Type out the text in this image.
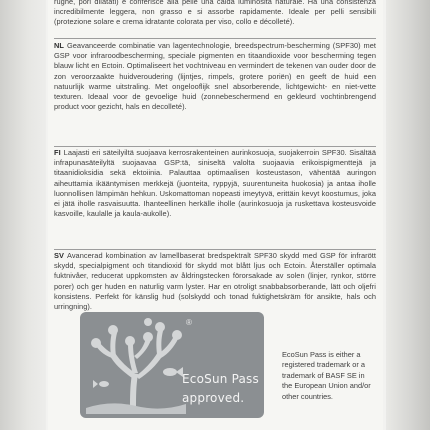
rughe, pori dilatati) e conferisce alla pelle una calda luminosità naturale. Ha una consistenza incredibilmente leggera, non grasso e si assorbe rapidamente. Ideale per pelli sensibili (protezione solare e crema idratante colorata per viso, collo e décolleté).
NL Geavanceerde combinatie van lagentechnologie, breedspectrum-bescherming (SPF30) met GSP voor infraroodbescherming, speciale pigmenten en titaandioxide voor bescherming tegen blauw licht en Ectoin. Optimaliseert het vochtniveau en vermindert de tekenen van ouder door de zon veroorzaakte huidveroudering (lijntjes, rimpels, grotere poriën) en geeft de huid een natuurlijk warme uitstraling. Met ongelooflijk snel absorberende, lichtgewicht- en niet-vette texturen. Ideaal voor de gevoelige huid (zonnebeschermend en gekleurd vochtinbrengend product voor gezicht, hals en decolleté).
FI Laajasti eri säteilyiltä suojaava kerrosrakenteinen aurinkosuoja, suojakerroin SPF30. Sisältää infrapunasäteilyltä suojaavaa GSP:tä, siniseltä valolta suojaavia erikoispigmenttejä ja titaanidioksidia sekä ektoiinia. Palauttaa optimaalisen kosteustason, vähentää auringon aiheuttamia ikääntymisen merkkejä (juonteita, ryppyjä, suurentuneita huokosia) ja antaa iholle luonnollisen lämpimän hehkun. Uskomattoman nopeasti imeytyvä, erittäin kevyt koostumus, joka ei jätä iholle rasvaisuutta. Ihanteellinen herkälle iholle (aurinkosuoja ja ruskettava kosteusvoide kasvoille, kaulalle ja kaula-aukolle).
SV Avancerad kombination av lamellbaserat bredspektralt SPF30 skydd med GSP för infrarött skydd, specialpigment och titandioxid för skydd mot blått ljus och Ectoin. Återställer optimala fuktnivåer, reducerat uppkomsten av åldringstecken förorsakade av solen (linjer, rynkor, större porer) och ger huden en naturlig varm lyster. Har en otroligt snabbabsorberande, lätt och oljefri konsistens. Perfekt för känslig hud (solskydd och tonad fuktighetskräm för ansikte, hals och urringning).
®
EcoSun Pass
approved.
EcoSun Pass is either a registered trademark or a trademark of BASF SE in the European Union and/or other countries.
